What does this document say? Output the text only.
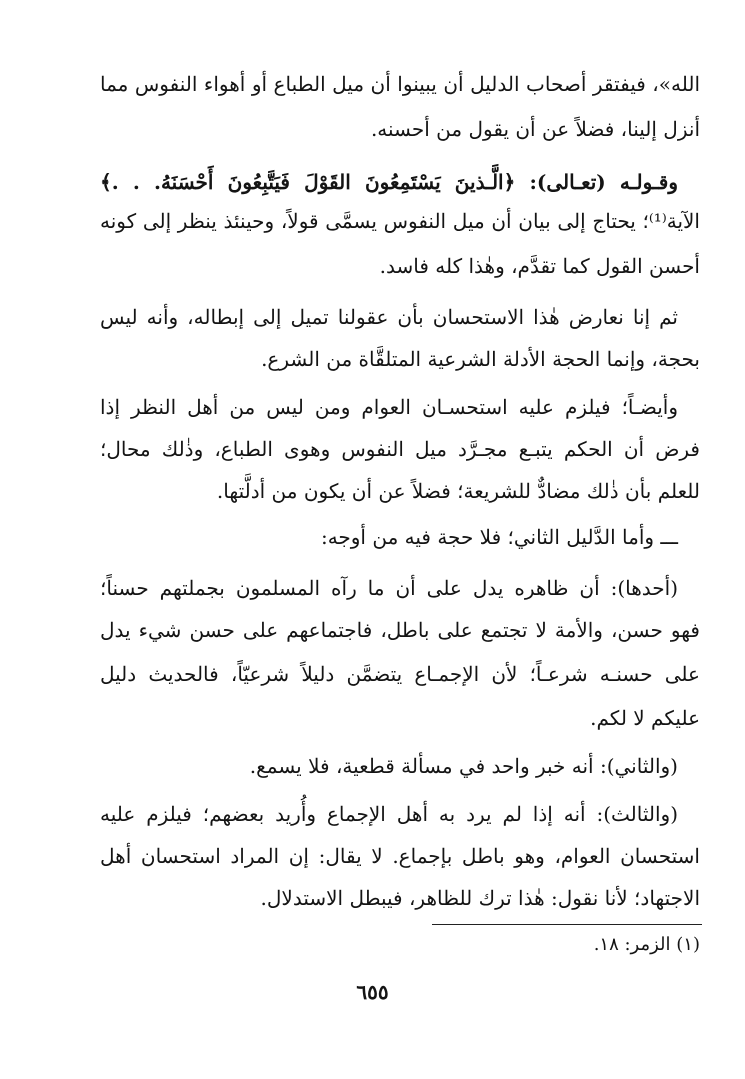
الله»، فيفتقر أصحاب الدليل أن يبينوا أن ميل الطباع أو أهواء النفوس مما
أنزل إلينا، فضلاً عن أن يقول من أحسنه.
وقـولـه (تعـالى): ﴿الَّـذينَ يَسْتَمِعُونَ القَوْلَ فَيَتَّبِعُونَ أَحْسَنَهُ. . .﴾
الآية⁽¹⁾؛ يحتاج إلى بيان أن ميل النفوس يسمَّى قولاً، وحينئذ ينظر إلى كونه
أحسن القول كما تقدَّم، وهٰذا كله فاسد.
ثم إنا نعارض هٰذا الاستحسان بأن عقولنا تميل إلى إبطاله، وأنه ليس
بحجة، وإنما الحجة الأدلة الشرعية المتلقَّاة من الشرع.
وأيضـاً؛ فيلزم عليه استحسـان العوام ومن ليس من أهل النظر إذا
فرض أن الحكم يتبـع مجـرَّد ميل النفوس وهوى الطباع، وذٰلك محال؛
للعلم بأن ذٰلك مضادٌّ للشريعة؛ فضلاً عن أن يكون من أدلَّتها.
ـــ وأما الدَّليل الثاني؛ فلا حجة فيه من أوجه:
(أحدها): أن ظاهره يدل على أن ما رآه المسلمون بجملتهم حسناً؛
فهو حسن، والأمة لا تجتمع على باطل، فاجتماعهم على حسن شيء يدل
على حسنـه شرعـاً؛ لأن الإجمـاع يتضمَّن دليلاً شرعيّاً، فالحديث دليل
عليكم لا لكم.
(والثاني): أنه خبر واحد في مسألة قطعية، فلا يسمع.
(والثالث): أنه إذا لم يرد به أهل الإجماع وأُريد بعضهم؛ فيلزم عليه
استحسان العوام، وهو باطل بإجماع. لا يقال: إن المراد استحسان أهل
الاجتهاد؛ لأنا نقول: هٰذا ترك للظاهر، فيبطل الاستدلال.
(١) الزمر: ١٨.
٦٥٥
